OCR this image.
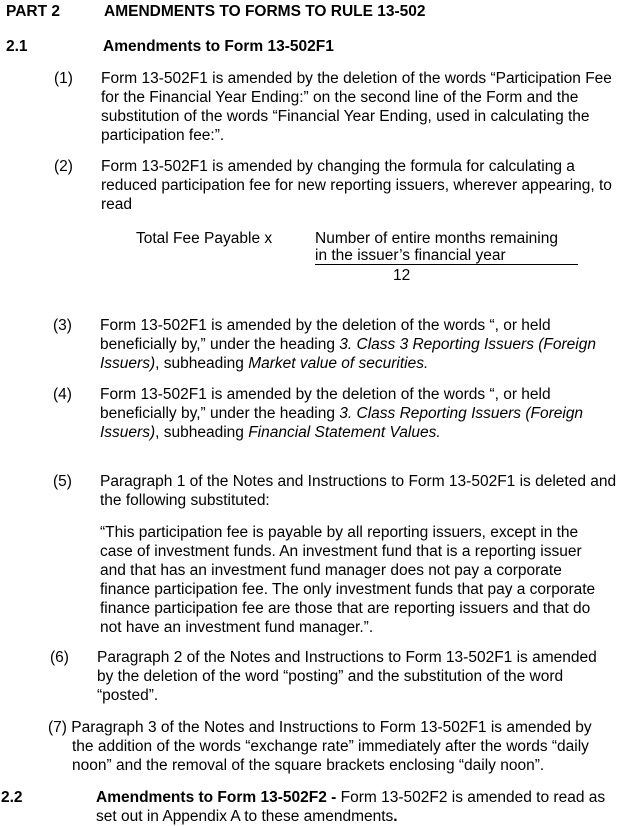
PART 2	AMENDMENTS TO FORMS TO RULE 13-502
2.1	Amendments to Form 13-502F1
(1) Form 13-502F1 is amended by the deletion of the words “Participation Fee for the Financial Year Ending:” on the second line of the Form and the substitution of the words “Financial Year Ending, used in calculating the participation fee:”.
(2) Form 13-502F1 is amended by changing the formula for calculating a reduced participation fee for new reporting issuers, wherever appearing, to read
Total Fee Payable x	Number of entire months remaining
in the issuer’s financial year
12
(3) Form 13-502F1 is amended by the deletion of the words “, or held beneficially by,” under the heading 3. Class 3 Reporting Issuers (Foreign Issuers), subheading Market value of securities.
(4) Form 13-502F1 is amended by the deletion of the words “, or held beneficially by,” under the heading 3. Class Reporting Issuers (Foreign Issuers), subheading Financial Statement Values.
(5) Paragraph 1 of the Notes and Instructions to Form 13-502F1 is deleted and the following substituted:
“This participation fee is payable by all reporting issuers, except in the case of investment funds. An investment fund that is a reporting issuer and that has an investment fund manager does not pay a corporate finance participation fee. The only investment funds that pay a corporate finance participation fee are those that are reporting issuers and that do not have an investment fund manager.”.
(6) Paragraph 2 of the Notes and Instructions to Form 13-502F1 is amended by the deletion of the word “posting” and the substitution of the word “posted”.
(7) Paragraph 3 of the Notes and Instructions to Form 13-502F1 is amended by
the addition of the words “exchange rate” immediately after the words “daily noon” and the removal of the square brackets enclosing “daily noon”.
2.2	Amendments to Form 13-502F2 - Form 13-502F2 is amended to read as set out in Appendix A to these amendments.
